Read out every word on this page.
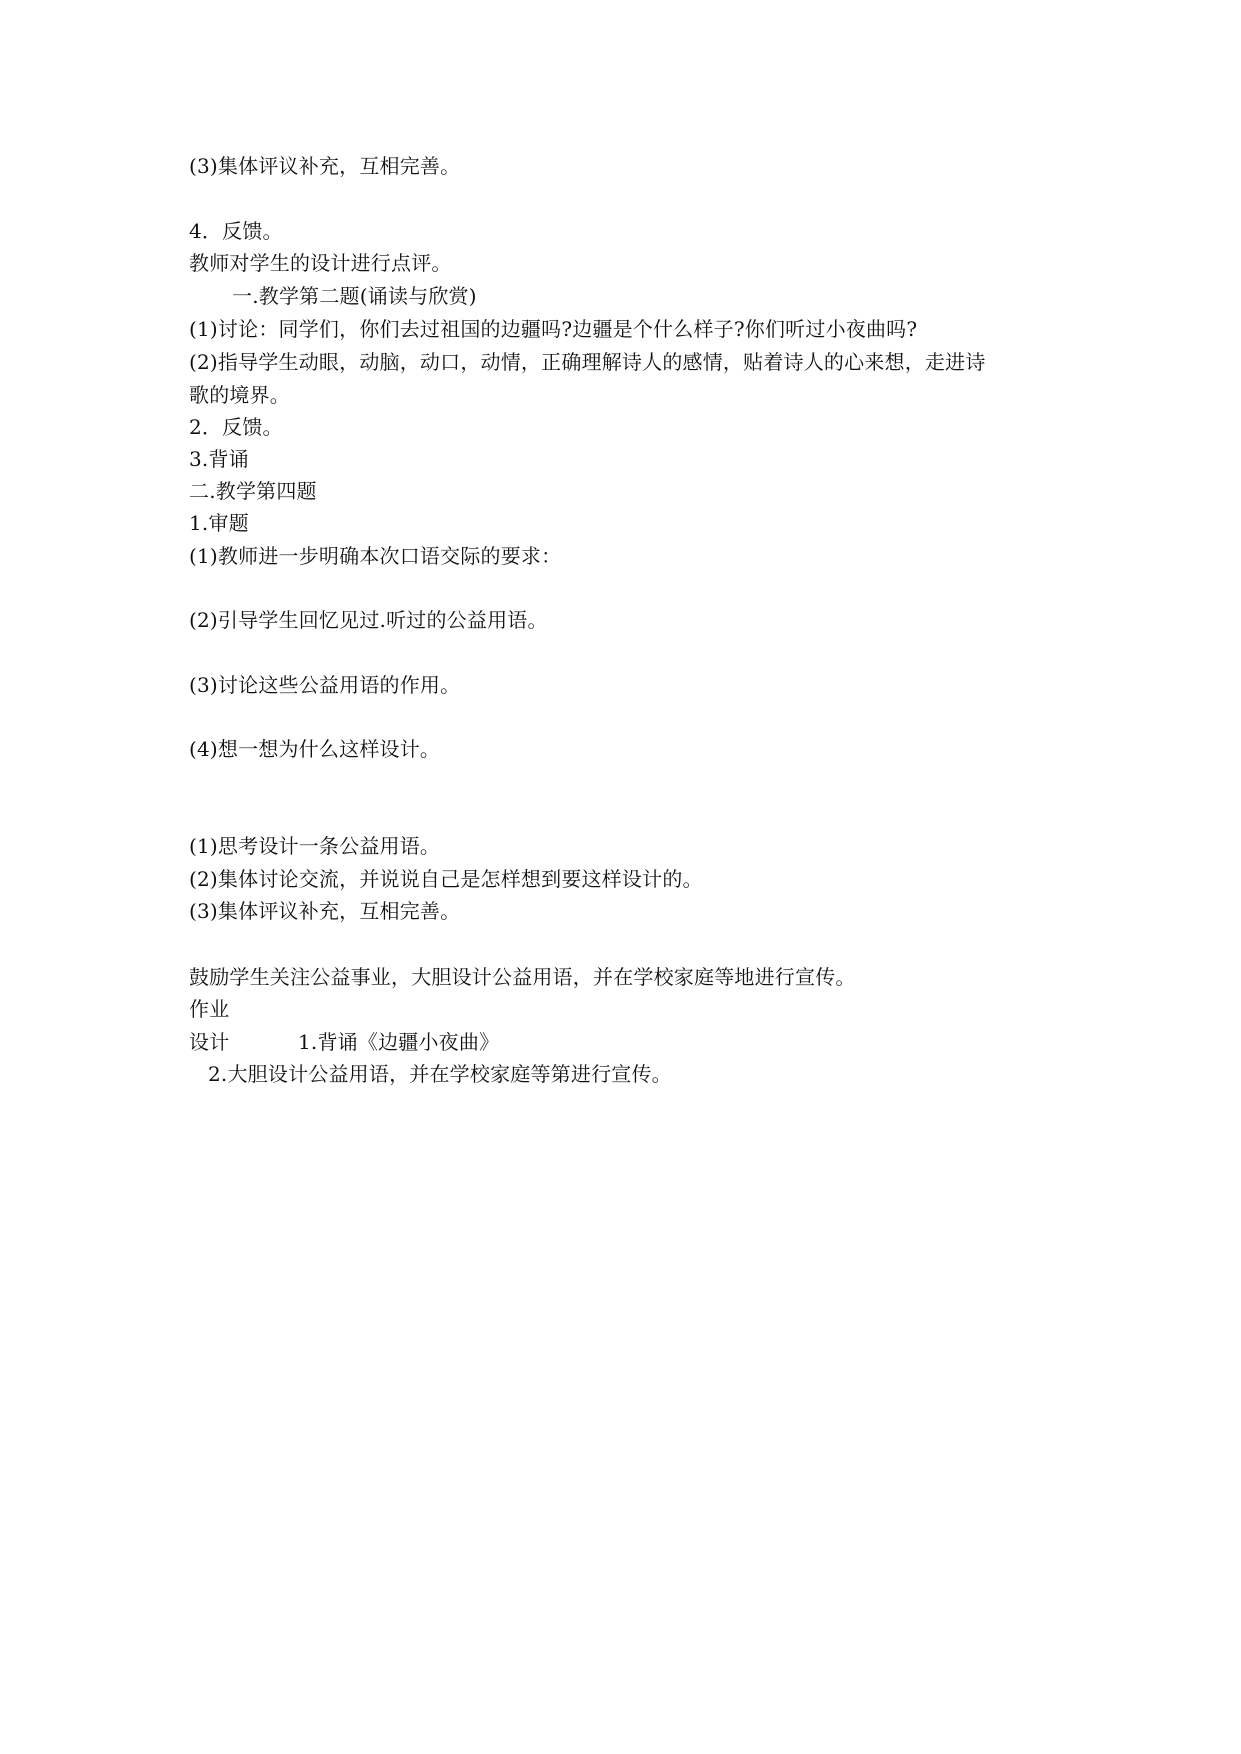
(3)集体评议补充，互相完善。
4．反馈。
教师对学生的设计进行点评。
一.教学第二题(诵读与欣赏)
(1)讨论：同学们，你们去过祖国的边疆吗?边疆是个什么样子?你们听过小夜曲吗?
(2)指导学生动眼，动脑，动口，动情，正确理解诗人的感情，贴着诗人的心来想，走进诗
歌的境界。
2．反馈。
3.背诵
二.教学第四题
1.审题
(1)教师进一步明确本次口语交际的要求：
(2)引导学生回忆见过.听过的公益用语。
(3)讨论这些公益用语的作用。
(4)想一想为什么这样设计。
(1)思考设计一条公益用语。
(2)集体讨论交流，并说说自己是怎样想到要这样设计的。
(3)集体评议补充，互相完善。
鼓励学生关注公益事业，大胆设计公益用语，并在学校家庭等地进行宣传。
作业
设计	1.背诵《边疆小夜曲》
2.大胆设计公益用语，并在学校家庭等第进行宣传。
